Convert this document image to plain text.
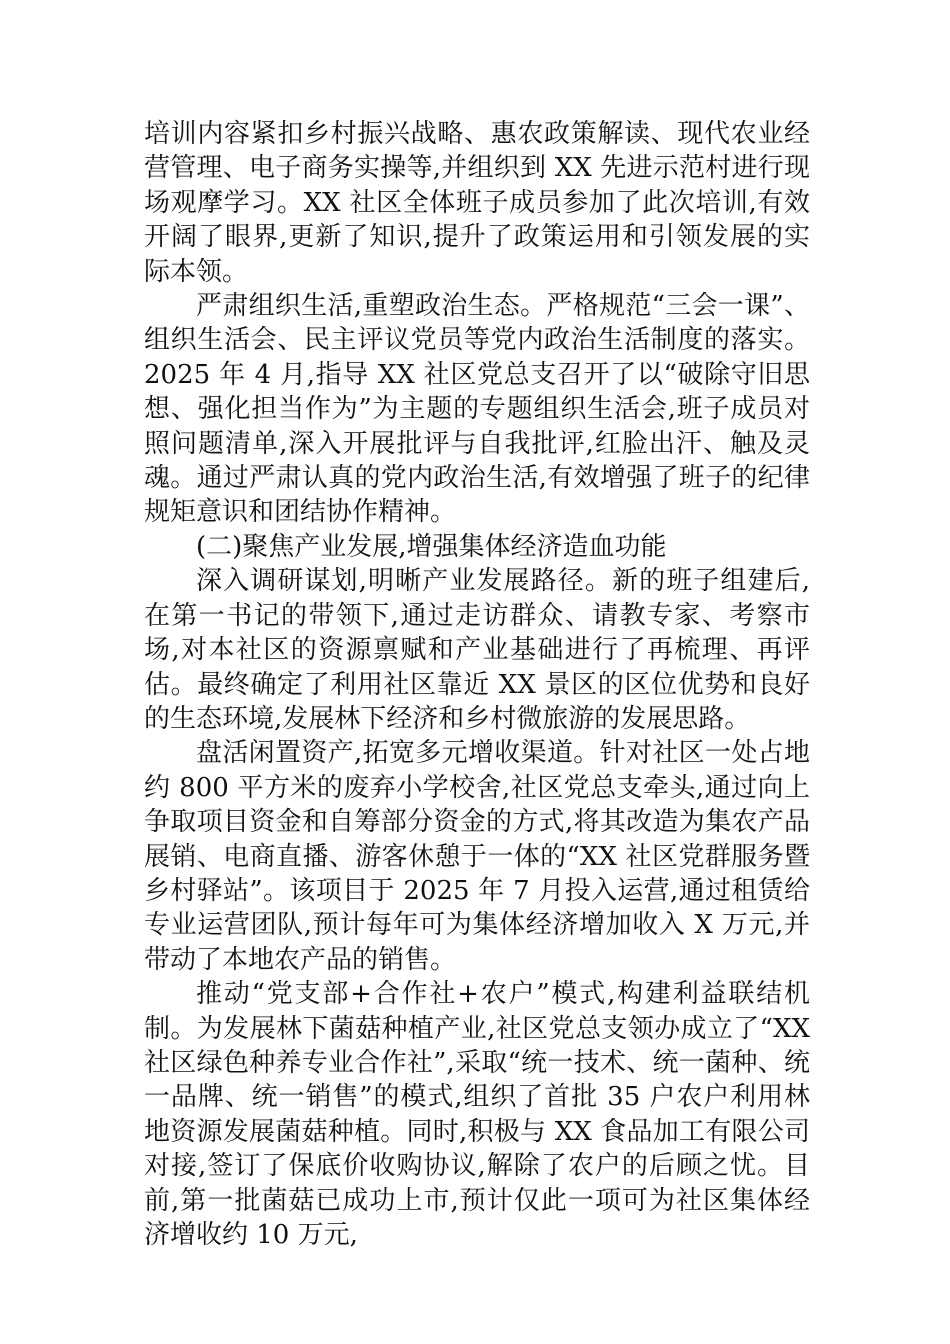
培训内容紧扣乡村振兴战略、惠农政策解读、现代农业经营管理、电子商务实操等,并组织到 XX 先进示范村进行现场观摩学习。XX 社区全体班子成员参加了此次培训,有效开阔了眼界,更新了知识,提升了政策运用和引领发展的实际本领。

严肃组织生活,重塑政治生态。严格规范“三会一课”、组织生活会、民主评议党员等党内政治生活制度的落实。2025 年 4 月,指导 XX 社区党总支召开了以“破除守旧思想、强化担当作为”为主题的专题组织生活会,班子成员对照问题清单,深入开展批评与自我批评,红脸出汗、触及灵魂。通过严肃认真的党内政治生活,有效增强了班子的纪律规矩意识和团结协作精神。

(二)聚焦产业发展,增强集体经济造血功能

深入调研谋划,明晰产业发展路径。新的班子组建后,在第一书记的带领下,通过走访群众、请教专家、考察市场,对本社区的资源禀赋和产业基础进行了再梳理、再评估。最终确定了利用社区靠近 XX 景区的区位优势和良好的生态环境,发展林下经济和乡村微旅游的发展思路。

盘活闲置资产,拓宽多元增收渠道。针对社区一处占地约 800 平方米的废弃小学校舍,社区党总支牵头,通过向上争取项目资金和自筹部分资金的方式,将其改造为集农产品展销、电商直播、游客休憩于一体的“XX 社区党群服务暨乡村驿站”。该项目于 2025 年 7 月投入运营,通过租赁给专业运营团队,预计每年可为集体经济增加收入 X 万元,并带动了本地农产品的销售。

推动“党支部+合作社+农户”模式,构建利益联结机制。为发展林下菌菇种植产业,社区党总支领办成立了“XX 社区绿色种养专业合作社”,采取“统一技术、统一菌种、统一品牌、统一销售”的模式,组织了首批 35 户农户利用林地资源发展菌菇种植。同时,积极与 XX 食品加工有限公司对接,签订了保底价收购协议,解除了农户的后顾之忧。目前,第一批菌菇已成功上市,预计仅此一项可为社区集体经济增收约 10 万元,
